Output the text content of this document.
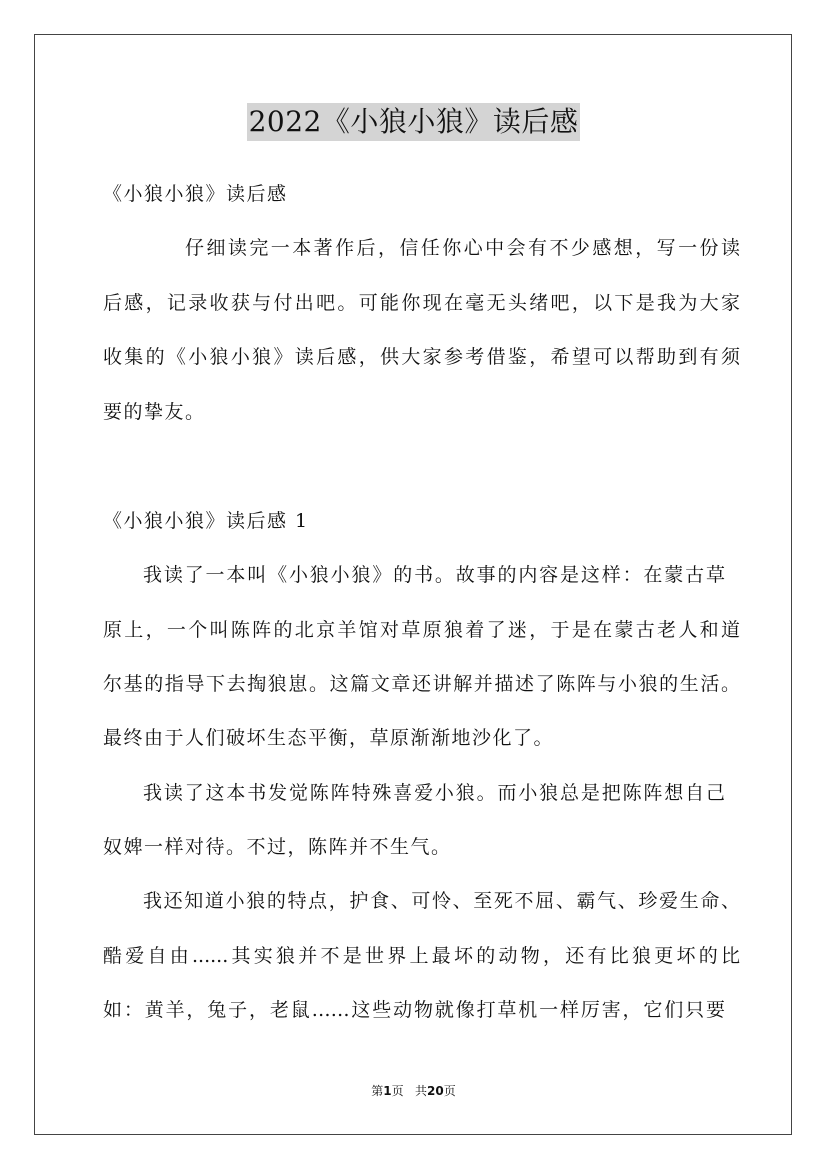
2022《小狼小狼》读后感
《小狼小狼》读后感
仔细读完一本著作后，信任你心中会有不少感想，写一份读
后感，记录收获与付出吧。可能你现在毫无头绪吧，以下是我为大家
收集的《小狼小狼》读后感，供大家参考借鉴，希望可以帮助到有须
要的挚友。
《小狼小狼》读后感 1
我读了一本叫《小狼小狼》的书。故事的内容是这样：在蒙古草
原上，一个叫陈阵的北京羊馆对草原狼着了迷，于是在蒙古老人和道
尔基的指导下去掏狼崽。这篇文章还讲解并描述了陈阵与小狼的生活。
最终由于人们破坏生态平衡，草原渐渐地沙化了。
我读了这本书发觉陈阵特殊喜爱小狼。而小狼总是把陈阵想自己
奴婢一样对待。不过，陈阵并不生气。
我还知道小狼的特点，护食、可怜、至死不屈、霸气、珍爱生命、
酷爱自由......其实狼并不是世界上最坏的动物，还有比狼更坏的比
如：黄羊，兔子，老鼠……这些动物就像打草机一样厉害，它们只要
第1页   共20页
